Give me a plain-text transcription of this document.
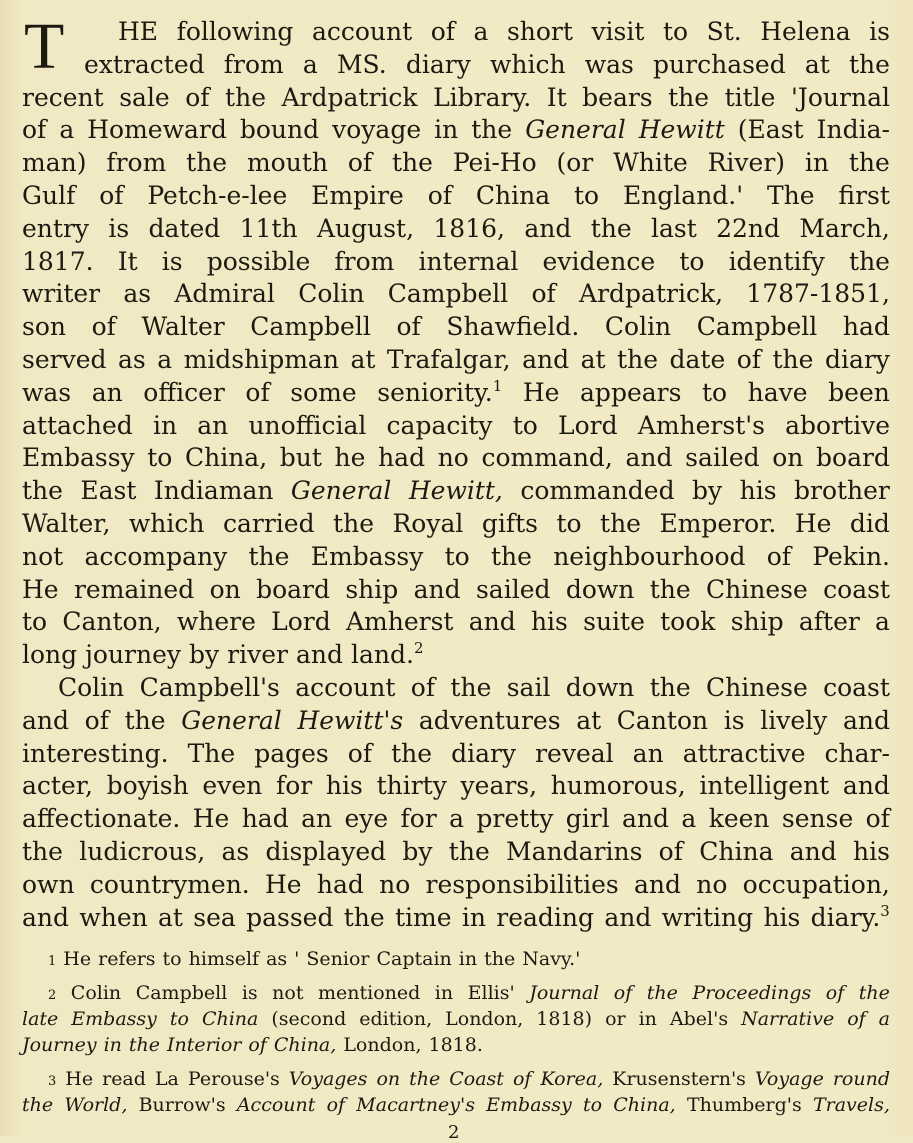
T HE following account of a short visit to St. Helena is
extracted from a MS. diary which was purchased at the
recent sale of the Ardpatrick Library. It bears the title 'Journal
of a Homeward bound voyage in the General Hewitt (East India-
man) from the mouth of the Pei-Ho (or White River) in the
Gulf of Petch-e-lee Empire of China to England.' The first
entry is dated 11th August, 1816, and the last 22nd March,
1817. It is possible from internal evidence to identify the
writer as Admiral Colin Campbell of Ardpatrick, 1787-1851,
son of Walter Campbell of Shawfield. Colin Campbell had
served as a midshipman at Trafalgar, and at the date of the diary
was an officer of some seniority.$^1$ He appears to have been
attached in an unofficial capacity to Lord Amherst's abortive
Embassy to China, but he had no command, and sailed on board
the East Indiaman General Hewitt, commanded by his brother
Walter, which carried the Royal gifts to the Emperor. He did
not accompany the Embassy to the neighbourhood of Pekin.
He remained on board ship and sailed down the Chinese coast
to Canton, where Lord Amherst and his suite took ship after a
long journey by river and land.$^2$
Colin Campbell's account of the sail down the Chinese coast
and of the General Hewitt's adventures at Canton is lively and
interesting. The pages of the diary reveal an attractive char-
acter, boyish even for his thirty years, humorous, intelligent and
affectionate. He had an eye for a pretty girl and a keen sense of
the ludicrous, as displayed by the Mandarins of China and his
own countrymen. He had no responsibilities and no occupation,
and when at sea passed the time in reading and writing his diary.$^3$
1 He refers to himself as ' Senior Captain in the Navy.'
2 Colin Campbell is not mentioned in Ellis' Journal of the Proceedings of the
late Embassy to China (second edition, London, 1818) or in Abel's Narrative of a
Journey in the Interior of China, London, 1818.
3 He read La Perouse's Voyages on the Coast of Korea, Krusenstern's Voyage round
the World, Burrow's Account of Macartney's Embassy to China, Thumberg's Travels,
2
